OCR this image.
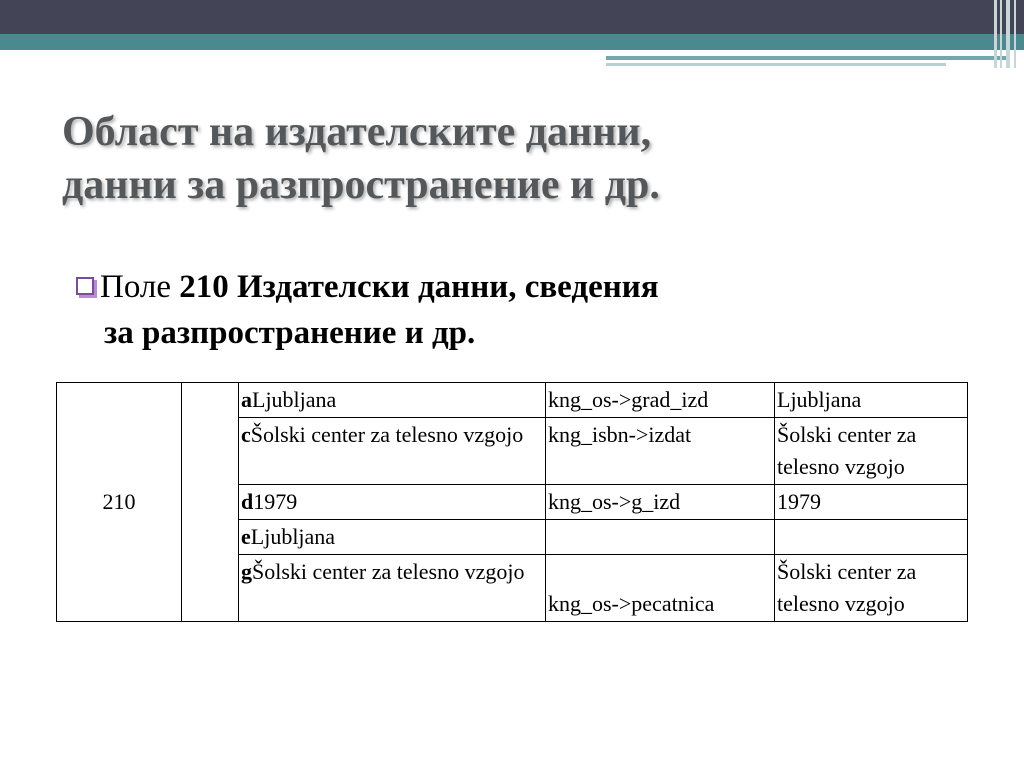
Област на издателските данни,
данни за разпространение и др.
Поле 210 Издателски данни, сведения
за разпространение и др.
210		aLjubljana	kng_os->grad_izd	Ljubljana
		cŠolski center za telesno vzgojo	kng_isbn->izdat	Šolski center za telesno vzgojo
		d1979	kng_os->g_izd	1979
		eLjubljana		
		gŠolski center za telesno vzgojo	kng_os->pecatnica	Šolski center za telesno vzgojo
